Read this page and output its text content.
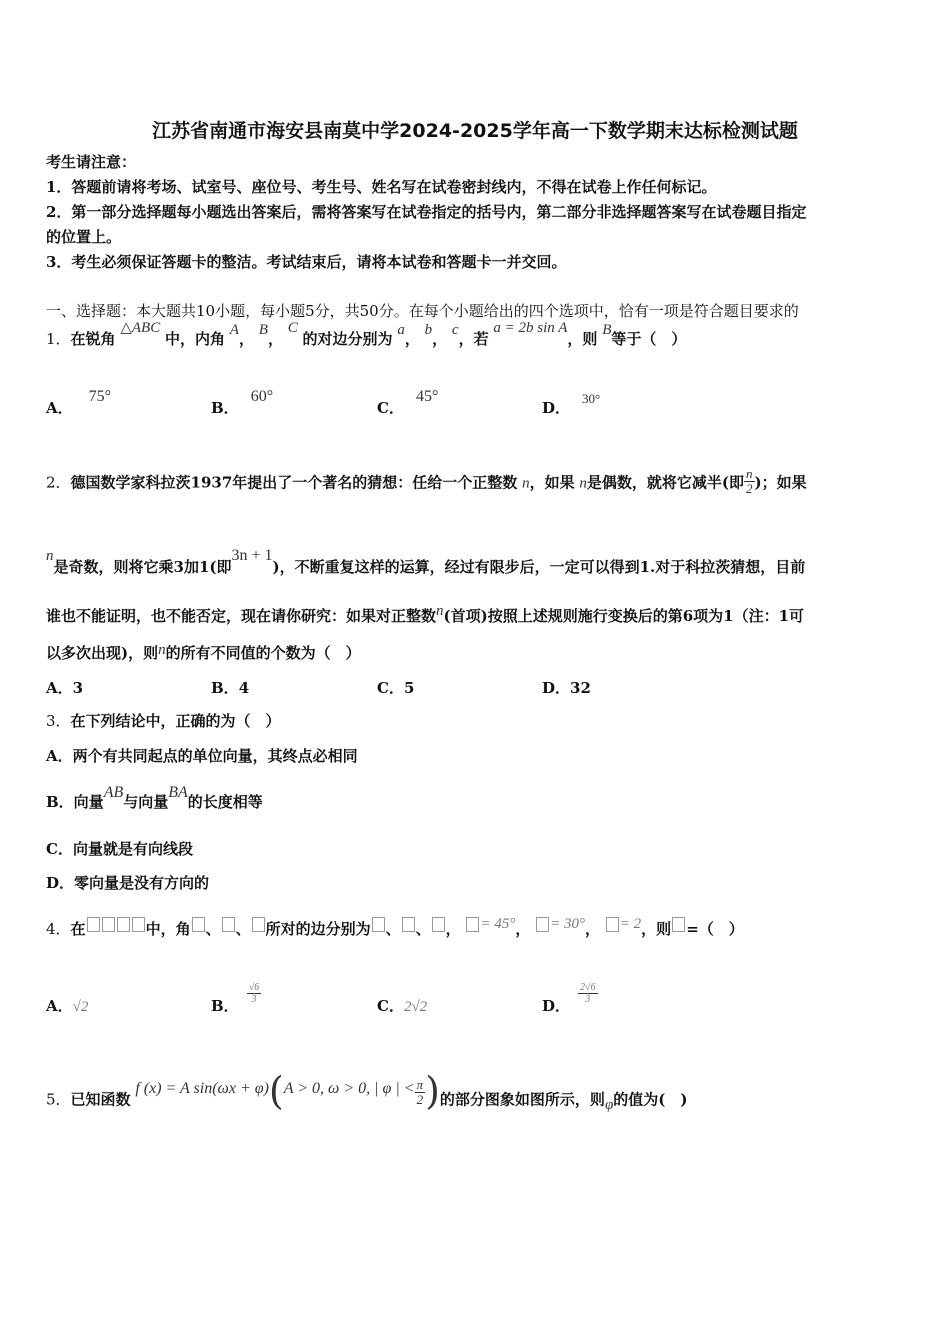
江苏省南通市海安县南莫中学2024-2025学年高一下数学期末达标检测试题
考生请注意：
1．答题前请将考场、试室号、座位号、考生号、姓名写在试卷密封线内，不得在试卷上作任何标记。
2．第一部分选择题每小题选出答案后，需将答案写在试卷指定的括号内，第二部分非选择题答案写在试卷题目指定
的位置上。
3．考生必须保证答题卡的整洁。考试结束后，请将本试卷和答题卡一并交回。
一、选择题：本大题共10小题，每小题5分，共50分。在每个小题给出的四个选项中，恰有一项是符合题目要求的
1．在锐角 △ABC 中，内角 A， B， C 的对边分别为 a， b， c，若 a = 2b sin A，则 B等于（　）
A．75°
B．60°
C．45°
D．30°
2．德国数学家科拉茨1937年提出了一个著名的猜想：任给一个正整数 n，如果 n是偶数，就将它减半(即 $\frac{n}{2}$ )；如果
n是奇数，则将它乘3加1(即3n + 1)，不断重复这样的运算，经过有限步后，一定可以得到1.对于科拉茨猜想，目前
谁也不能证明，也不能否定，现在请你研究：如果对正整数n(首项)按照上述规则施行变换后的第6项为1（注：1可
以多次出现)，则n的所有不同值的个数为（　）
A．3	B．4	C．5	D．32
3．在下列结论中，正确的为（　）
A．两个有共同起点的单位向量，其终点必相同
B．向量AB与向量BA的长度相等
C．向量就是有向线段
D．零向量是没有方向的
4．在	中，角 、 、 所对的边分别为 、 、 ， = 45°， = 30°， = 2，则 =（　）
A．√2	B．
$\frac{√6}{3}$
C．2√2	D．
$\frac{2√6}{3}$
5．已知函数 f (x) = A sin(ωx + φ)(A > 0, ω > 0, | φ | < $\frac{\pi}{2}$ )的部分图象如图所示，则φ的值为(　)
